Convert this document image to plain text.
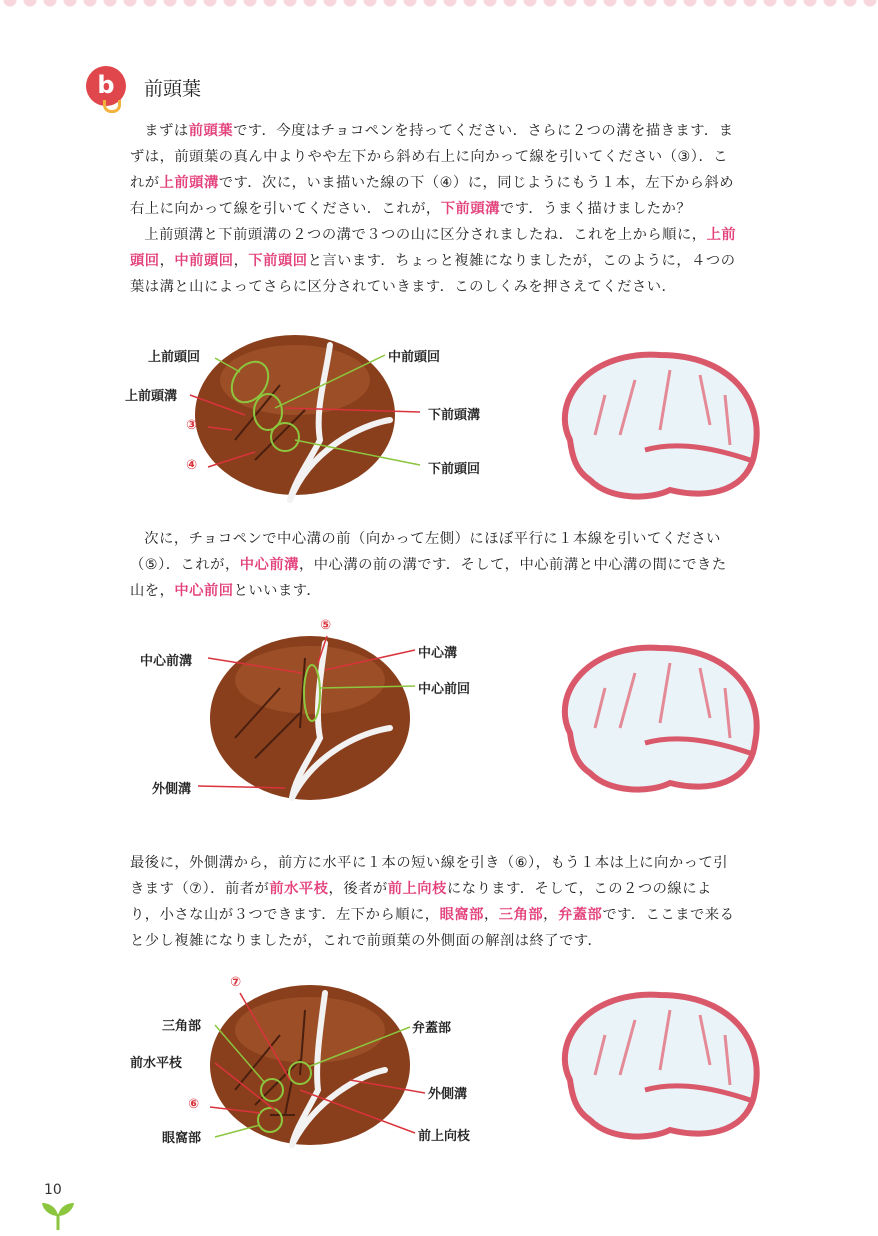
b	前頭葉

まずは前頭葉です．今度はチョコペンを持ってください．さらに２つの溝を描きます．まずは，前頭葉の真ん中よりやや左下から斜め右上に向かって線を引いてください（③）．これが上前頭溝です．次に，いま描いた線の下（④）に，同じようにもう１本，左下から斜め右上に向かって線を引いてください．これが，下前頭溝です．うまく描けましたか？

上前頭溝と下前頭溝の２つの溝で３つの山に区分されましたね．これを上から順に，上前頭回，中前頭回，下前頭回と言います．ちょっと複雑になりましたが，このように，４つの葉は溝と山によってさらに区分されていきます．このしくみを押さえてください．

上前頭回
上前頭溝
③
④
中前頭回
下前頭溝
下前頭回

次に，チョコペンで中心溝の前（向かって左側）にほぼ平行に１本線を引いてください（⑤）．これが，中心前溝，中心溝の前の溝です．そして，中心前溝と中心溝の間にできた山を，中心前回といいます．

⑤
中心前溝
中心溝
中心前回
外側溝

最後に，外側溝から，前方に水平に１本の短い線を引き（⑥），もう１本は上に向かって引きます（⑦）．前者が前水平枝，後者が前上向枝になります．そして，この２つの線により，小さな山が３つできます．左下から順に，眼窩部，三角部，弁蓋部です．ここまで来ると少し複雑になりましたが，これで前頭葉の外側面の解剖は終了です．

⑦
三角部
前水平枝
⑥
眼窩部
弁蓋部
外側溝
前上向枝
10
